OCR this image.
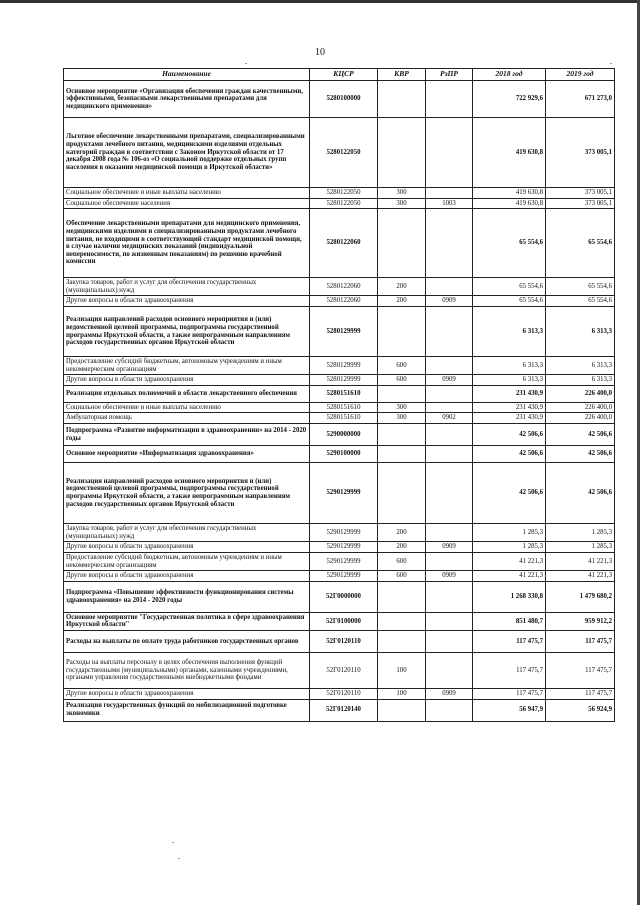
10
Наименование	КЦСР	КВР	РзПР	2018 год	2019 год
Основное мероприятие «Организация обеспечения граждан качественными, эффективными, безопасными лекарственными препаратами для медицинского применения»	5280100000			722 929,6	671 273,0
Льготное обеспечение лекарственными препаратами, специализированными продуктами лечебного питания, медицинскими изделиями отдельных категорий граждан в соответствии с Законом Иркутской области от 17 декабря 2008 года № 106-оз «О социальной поддержке отдельных групп населения в оказании медицинской помощи в Иркутской области»	5280122050			419 630,8	373 005,1
Социальное обеспечение и иные выплаты населению	5280122050	300		419 630,8	373 005,1
Социальное обеспечение населения	5280122050	300	1003	419 630,8	373 005,1
Обеспечение лекарственными препаратами для медицинского применения, медицинскими изделиями и специализированными продуктами лечебного питания, не входящими в соответствующий стандарт медицинской помощи, в случае наличия медицинских показаний (индивидуальной непереносимости, по жизненным показаниям) по решению врачебной комиссии	5280122060			65 554,6	65 554,6
Закупка товаров, работ и услуг для обеспечения государственных (муниципальных) нужд	5280122060	200		65 554,6	65 554,6
Другие вопросы в области здравоохранения	5280122060	200	0909	65 554,6	65 554,6
Реализация направлений расходов основного мероприятия и (или) ведомственной целевой программы, подпрограммы государственной программы Иркутской области, а также непрограммным направлениям расходов государственных органов Иркутской области	5280129999			6 313,3	6 313,3
Предоставление субсидий бюджетным, автономным учреждениям и иным некоммерческим организациям	5280129999	600		6 313,3	6 313,3
Другие вопросы в области здравоохранения	5280129999	600	0909	6 313,3	6 313,3
Реализация отдельных полномочий в области лекарственного обеспечения	5280151610			231 430,9	226 400,0
Социальное обеспечение и иные выплаты населению	5280151610	300		231 430,9	226 400,0
Амбулаторная помощь	5280151610	300	0902	231 430,9	226 400,0
Подпрограмма «Развитие информатизации в здравоохранении» на 2014 - 2020 годы	5290000000			42 506,6	42 506,6
Основное мероприятие «Информатизация здравоохранения»	5290100000			42 506,6	42 506,6
Реализация направлений расходов основного мероприятия и (или) ведомственной целевой программы, подпрограммы государственной программы Иркутской области, а также непрограммным направлениям расходов государственных органов Иркутской области	5290129999			42 506,6	42 506,6
Закупка товаров, работ и услуг для обеспечения государственных (муниципальных) нужд	5290129999	200		1 285,3	1 285,3
Другие вопросы в области здравоохранения	5290129999	200	0909	1 285,3	1 285,3
Предоставление субсидий бюджетным, автономным учреждениям и иным некоммерческим организациям	5290129999	600		41 221,3	41 221,3
Другие вопросы в области здравоохранения	5290129999	600	0909	41 221,3	41 221,3
Подпрограмма «Повышение эффективности функционирования системы здравоохранения» на 2014 - 2020 годы	52Г0000000			1 268 330,8	1 479 680,2
Основное мероприятие "Государственная политика в сфере здравоохранения Иркутской области"	52Г0100000			851 480,7	959 912,2
Расходы на выплаты по оплате труда работников государственных органов	52Г0120110			117 475,7	117 475,7
Расходы на выплаты персоналу в целях обеспечения выполнения функций государственными (муниципальными) органами, казенными учреждениями, органами управления государственными внебюджетными фондами	52Г0120110	100		117 475,7	117 475,7
Другие вопросы в области здравоохранения	52Г0120110	100	0909	117 475,7	117 475,7
Реализация государственных функций по мобилизационной подготовке экономики	52Г0120140			56 947,9	56 924,9
